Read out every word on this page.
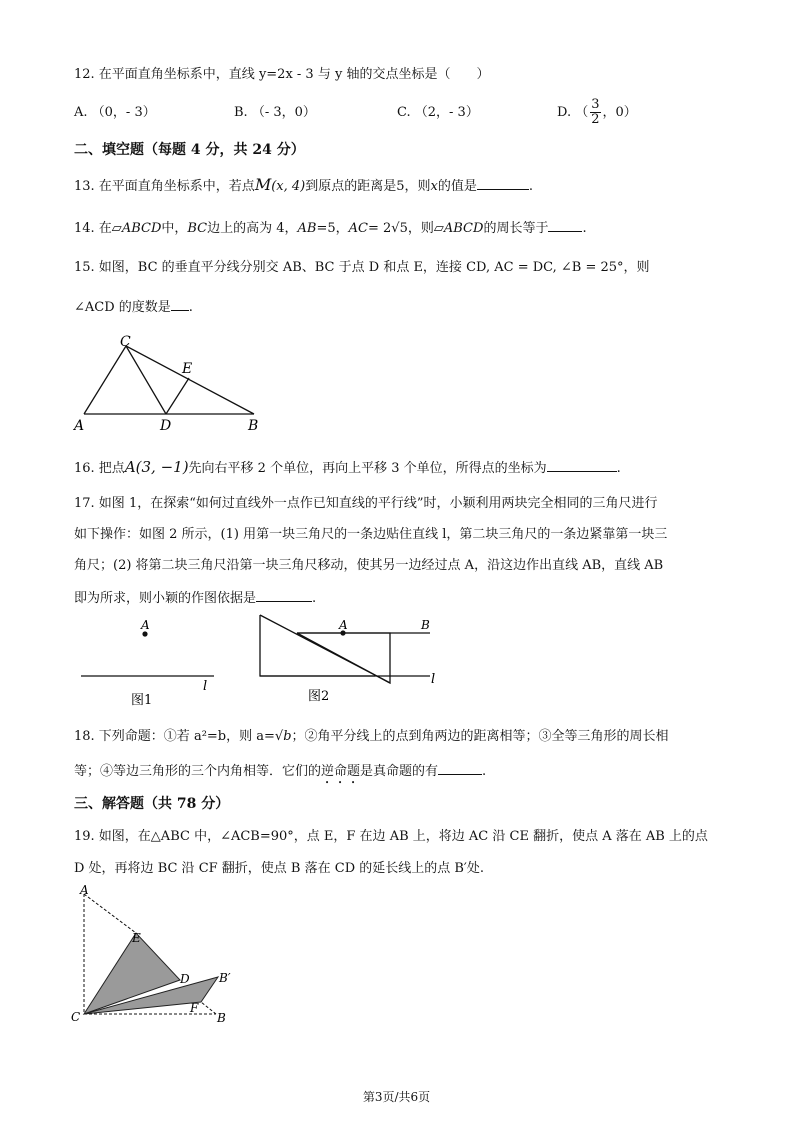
12. 在平面直角坐标系中，直线 y=2x - 3 与 y 轴的交点坐标是（　　）
A. （0，- 3）	B. （- 3，0）	C. （2，- 3）	D. （ $\frac{3}{2}$ ，0）
二、填空题（每题 4 分，共 24 分）
13. 在平面直角坐标系中，若点M(x, 4)到原点的距离是5，则x的值是	.
14. 在▱ABCD中，BC边上的高为 4，AB=5，AC= 2√5，则▱ABCD的周长等于	.
15. 如图，BC 的垂直平分线分别交 AB、BC 于点 D 和点 E，连接 CD, AC = DC, ∠B = 25°，则
∠ACD 的度数是 .
C
E
A	D	B
16. 把点A(3, −1)先向右平移 2 个单位，再向上平移 3 个单位，所得点的坐标为	.
17. 如图 1，在探索“如何过直线外一点作已知直线的平行线”时，小颖利用两块完全相同的三角尺进行
如下操作：如图 2 所示，(1) 用第一块三角尺的一条边贴住直线 l，第二块三角尺的一条边紧靠第一块三
角尺；(2) 将第二块三角尺沿第一块三角尺移动，使其另一边经过点 A，沿这边作出直线 AB，直线 AB
即为所求，则小颖的作图依据是	.
A
l
图1
A	B
l
图2
18. 下列命题：①若 a²=b，则 a=√b；②角平分线上的点到角两边的距离相等；③全等三角形的周长相
等；④等边三角形的三个内角相等．它们的逆命题是真命题的有	.
三、解答题（共 78 分）
19. 如图，在△ABC 中，∠ACB=90°，点 E，F 在边 AB 上，将边 AC 沿 CE 翻折，使点 A 落在 AB 上的点
D 处，再将边 BC 沿 CF 翻折，使点 B 落在 CD 的延长线上的点 B′处.
A
E
D B′
F
C	B
第3页/共6页
